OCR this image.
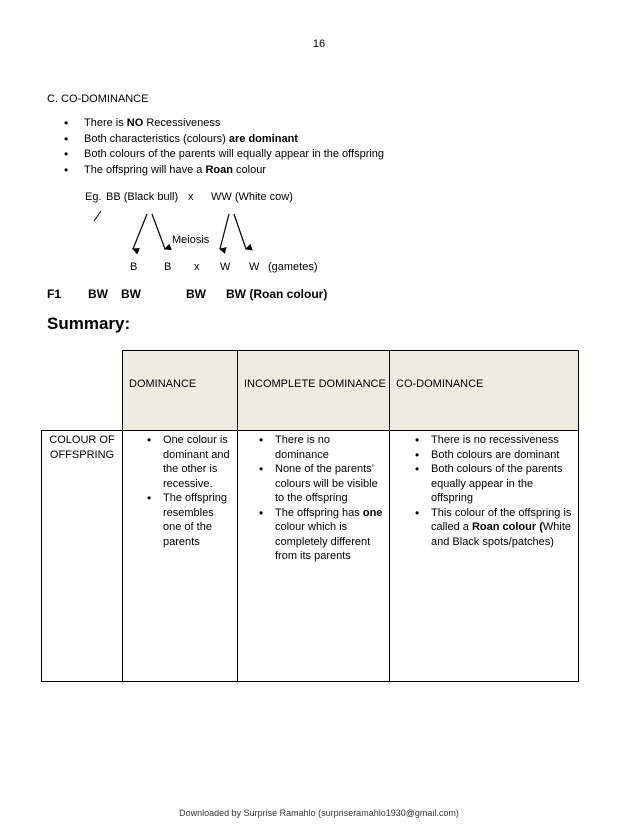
16
C. CO-DOMINANCE
• There is NO Recessiveness
• Both characteristics (colours) are dominant
• Both colours of the parents will equally appear in the offspring
• The offspring will have a Roan colour
Eg. BB (Black bull) x WW (White cow)
Meiosis
B B x W W (gametes)
F1 BW BW	BW BW (Roan colour)
Summary:
DOMINANCE	INCOMPLETE DOMINANCE CO-DOMINANCE
COLOUR OF
OFFSPRING
• One colour is dominant and the other is recessive.
• The offspring resembles one of the parents
• There is no dominance
• None of the parents’ colours will be visible to the offspring
• The offspring has one colour which is completely different from its parents
• There is no recessiveness
• Both colours are dominant
• Both colours of the parents equally appear in the offspring
• This colour of the offspring is called a Roan colour (White and Black spots/patches)
Downloaded by Surprise Ramahlo (surpriseramahlo1930@gmail.com)
